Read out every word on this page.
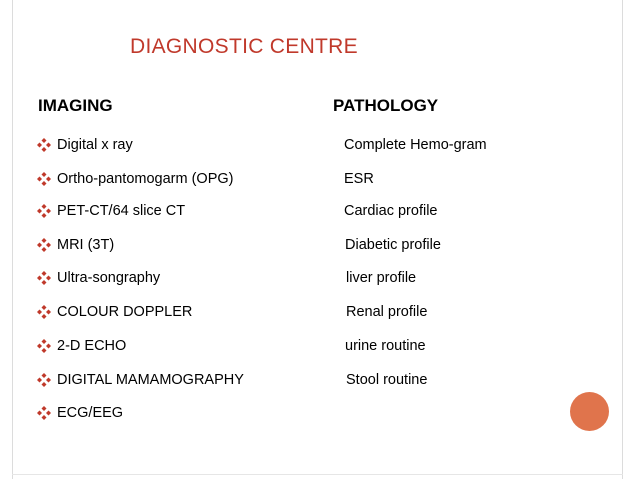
DIAGNOSTIC CENTRE
IMAGING	PATHOLOGY
Digital x ray
Ortho-pantomogarm (OPG)
PET-CT/64 slice CT
MRI (3T)
Ultra-songraphy
COLOUR DOPPLER
2-D ECHO
DIGITAL MAMAMOGRAPHY
ECG/EEG
Complete Hemo-gram
ESR
Cardiac profile
Diabetic profile
liver profile
Renal profile
urine routine
Stool routine
